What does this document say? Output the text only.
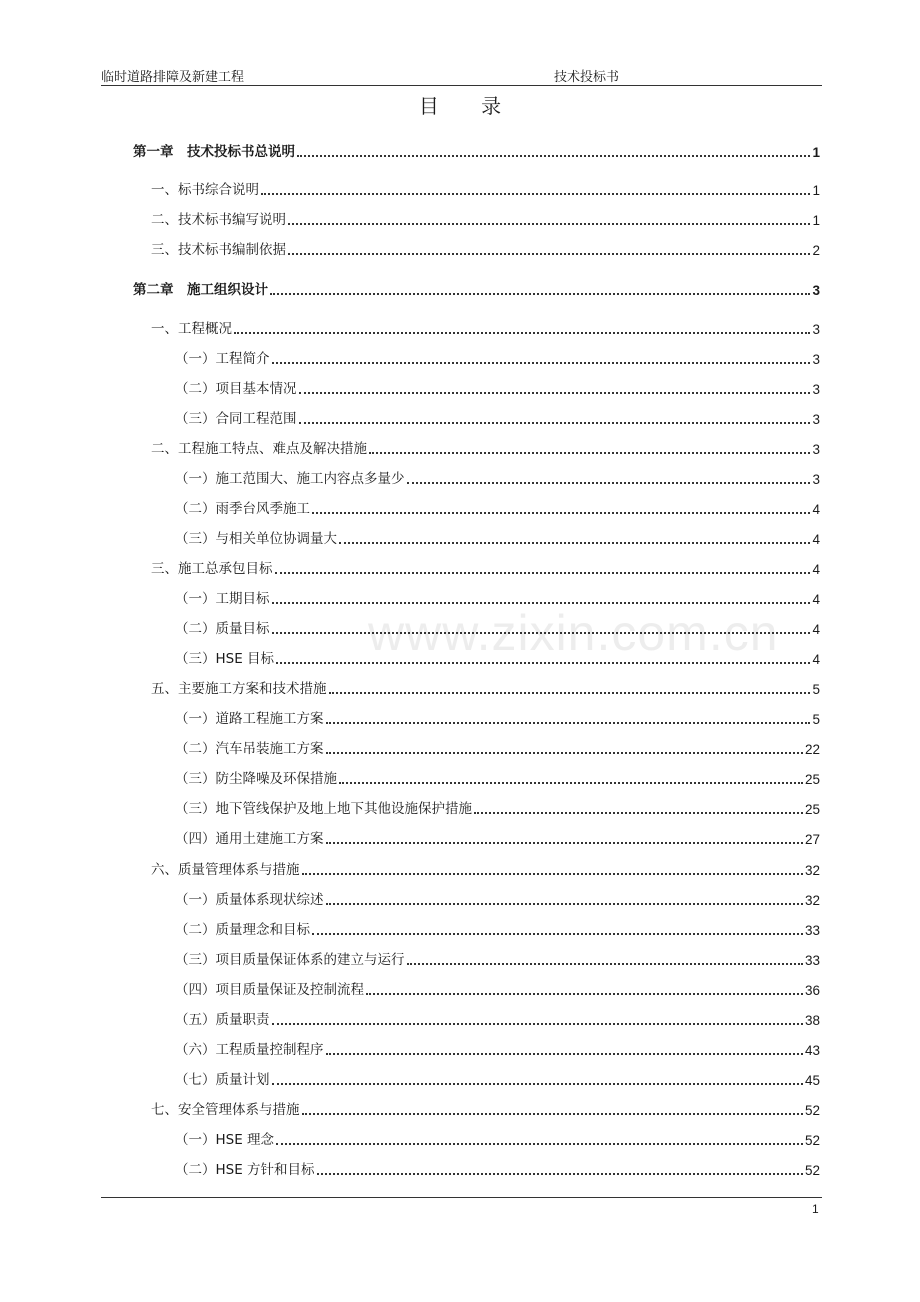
临时道路排障及新建工程	技术投标书
目 录
www.zixin.com.cn
第一章　技术投标书总说明	1
一、标书综合说明	1
二、技术标书编写说明	1
三、技术标书编制依据	2
第二章　施工组织设计	3
一、工程概况	3
（一）工程简介	3
（二）项目基本情况	3
（三）合同工程范围	3
二、工程施工特点、难点及解决措施	3
（一）施工范围大、施工内容点多量少	3
（二）雨季台风季施工	4
（三）与相关单位协调量大	4
三、施工总承包目标	4
（一）工期目标	4
（二）质量目标	4
（三）HSE 目标	4
五、主要施工方案和技术措施	5
（一）道路工程施工方案	5
（二）汽车吊装施工方案	22
（三）防尘降噪及环保措施	25
（三）地下管线保护及地上地下其他设施保护措施	25
（四）通用土建施工方案	27
六、质量管理体系与措施	32
（一）质量体系现状综述	32
（二）质量理念和目标	33
（三）项目质量保证体系的建立与运行	33
（四）项目质量保证及控制流程	36
（五）质量职责	38
（六）工程质量控制程序	43
（七）质量计划	45
七、安全管理体系与措施	52
（一）HSE 理念	52
（二）HSE 方针和目标	52
1
